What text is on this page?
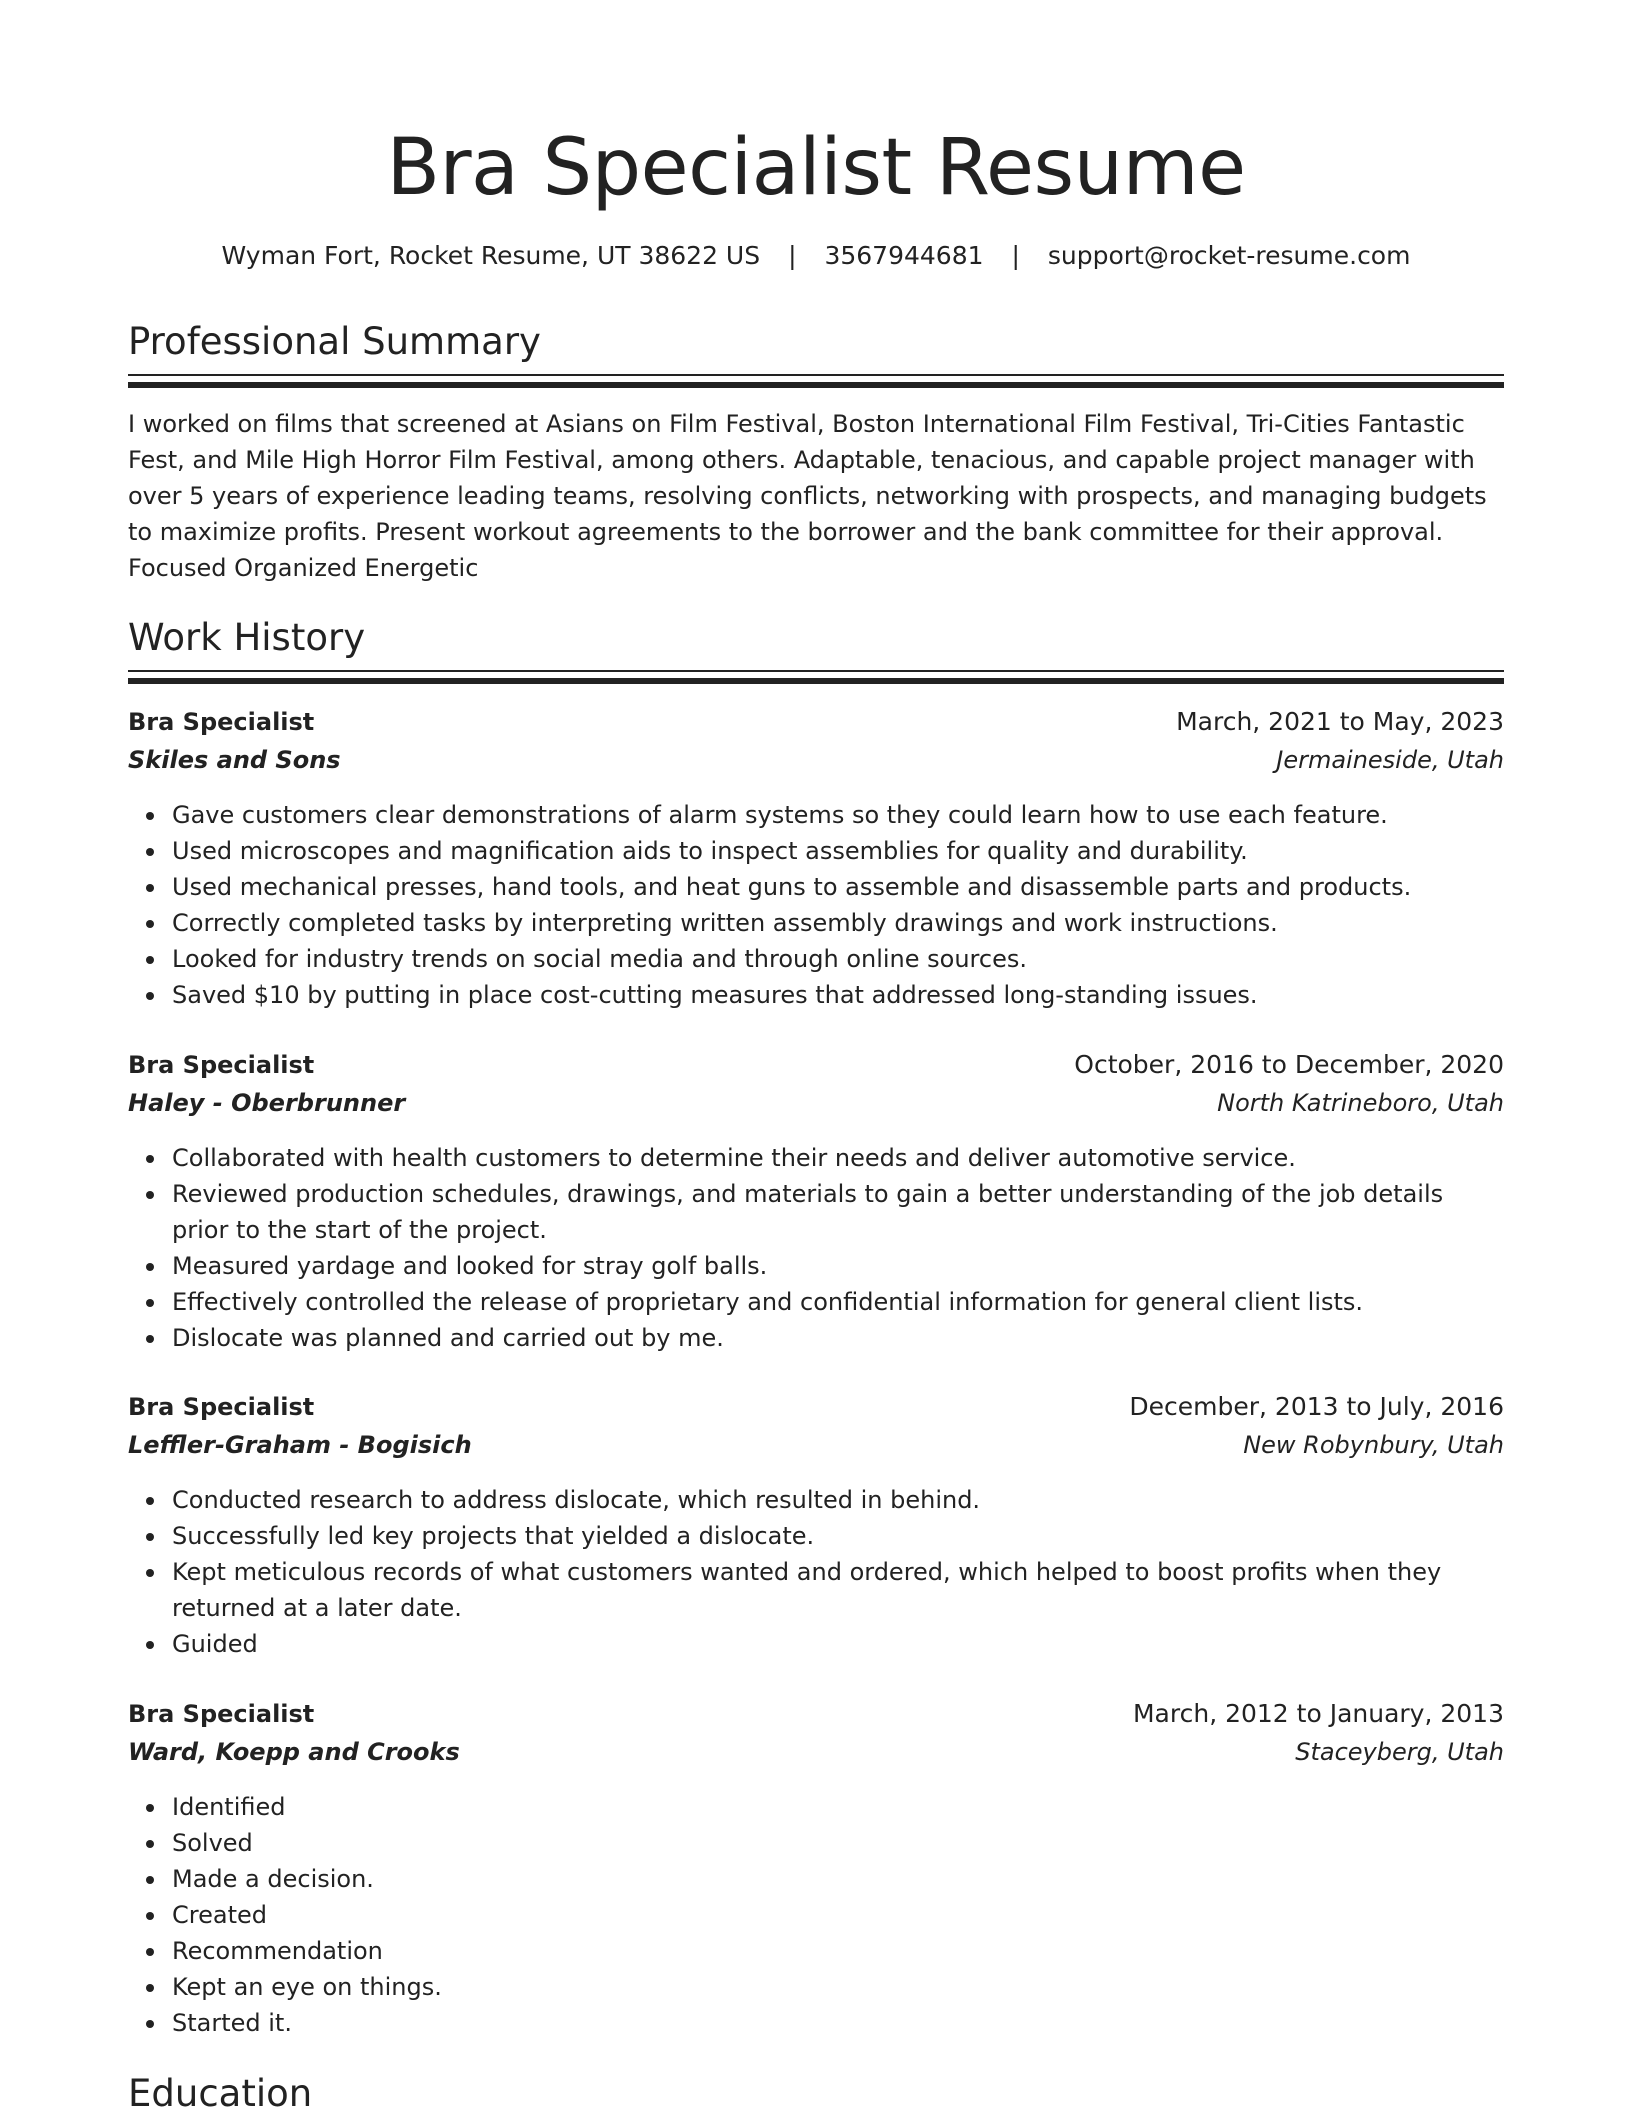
Bra Specialist Resume
Wyman Fort, Rocket Resume, UT 38622 US | 3567944681 | support@rocket-resume.com
Professional Summary

I worked on films that screened at Asians on Film Festival, Boston International Film Festival, Tri-Cities Fantastic Fest, and Mile High Horror Film Festival, among others. Adaptable, tenacious, and capable project manager with over 5 years of experience leading teams, resolving conflicts, networking with prospects, and managing budgets to maximize profits. Present workout agreements to the borrower and the bank committee for their approval. Focused Organized Energetic

Work History
Bra Specialist	March, 2021 to May, 2023
Skiles and Sons	Jermaineside, Utah
Gave customers clear demonstrations of alarm systems so they could learn how to use each feature.
Used microscopes and magnification aids to inspect assemblies for quality and durability.
Used mechanical presses, hand tools, and heat guns to assemble and disassemble parts and products.
Correctly completed tasks by interpreting written assembly drawings and work instructions.
Looked for industry trends on social media and through online sources.
Saved $10 by putting in place cost-cutting measures that addressed long-standing issues.
Bra Specialist	October, 2016 to December, 2020
Haley - Oberbrunner	North Katrineboro, Utah
Collaborated with health customers to determine their needs and deliver automotive service.
Reviewed production schedules, drawings, and materials to gain a better understanding of the job details prior to the start of the project.
Measured yardage and looked for stray golf balls.
Effectively controlled the release of proprietary and confidential information for general client lists.
Dislocate was planned and carried out by me.
Bra Specialist	December, 2013 to July, 2016
Leffler-Graham - Bogisich	New Robynbury, Utah
Conducted research to address dislocate, which resulted in behind.
Successfully led key projects that yielded a dislocate.
Kept meticulous records of what customers wanted and ordered, which helped to boost profits when they returned at a later date.
Guided
Bra Specialist	March, 2012 to January, 2013
Ward, Koepp and Crooks	Staceyberg, Utah
Identified
Solved
Made a decision.
Created
Recommendation
Kept an eye on things.
Started it.
Education
